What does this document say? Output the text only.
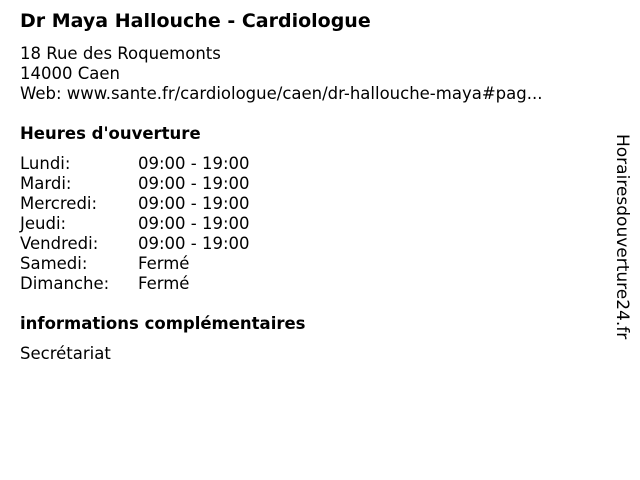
Dr Maya Hallouche - Cardiologue
18 Rue des Roquemonts
14000 Caen
Web: www.sante.fr/cardiologue/caen/dr-hallouche-maya#pag...
Heures d'ouverture
Lundi:	09:00 - 19:00
Mardi:	09:00 - 19:00
Mercredi:	09:00 - 19:00
Jeudi:	09:00 - 19:00
Vendredi:	09:00 - 19:00
Samedi:	Fermé
Dimanche:	Fermé
informations complémentaires
Secrétariat
Horairesdouverture24.fr
